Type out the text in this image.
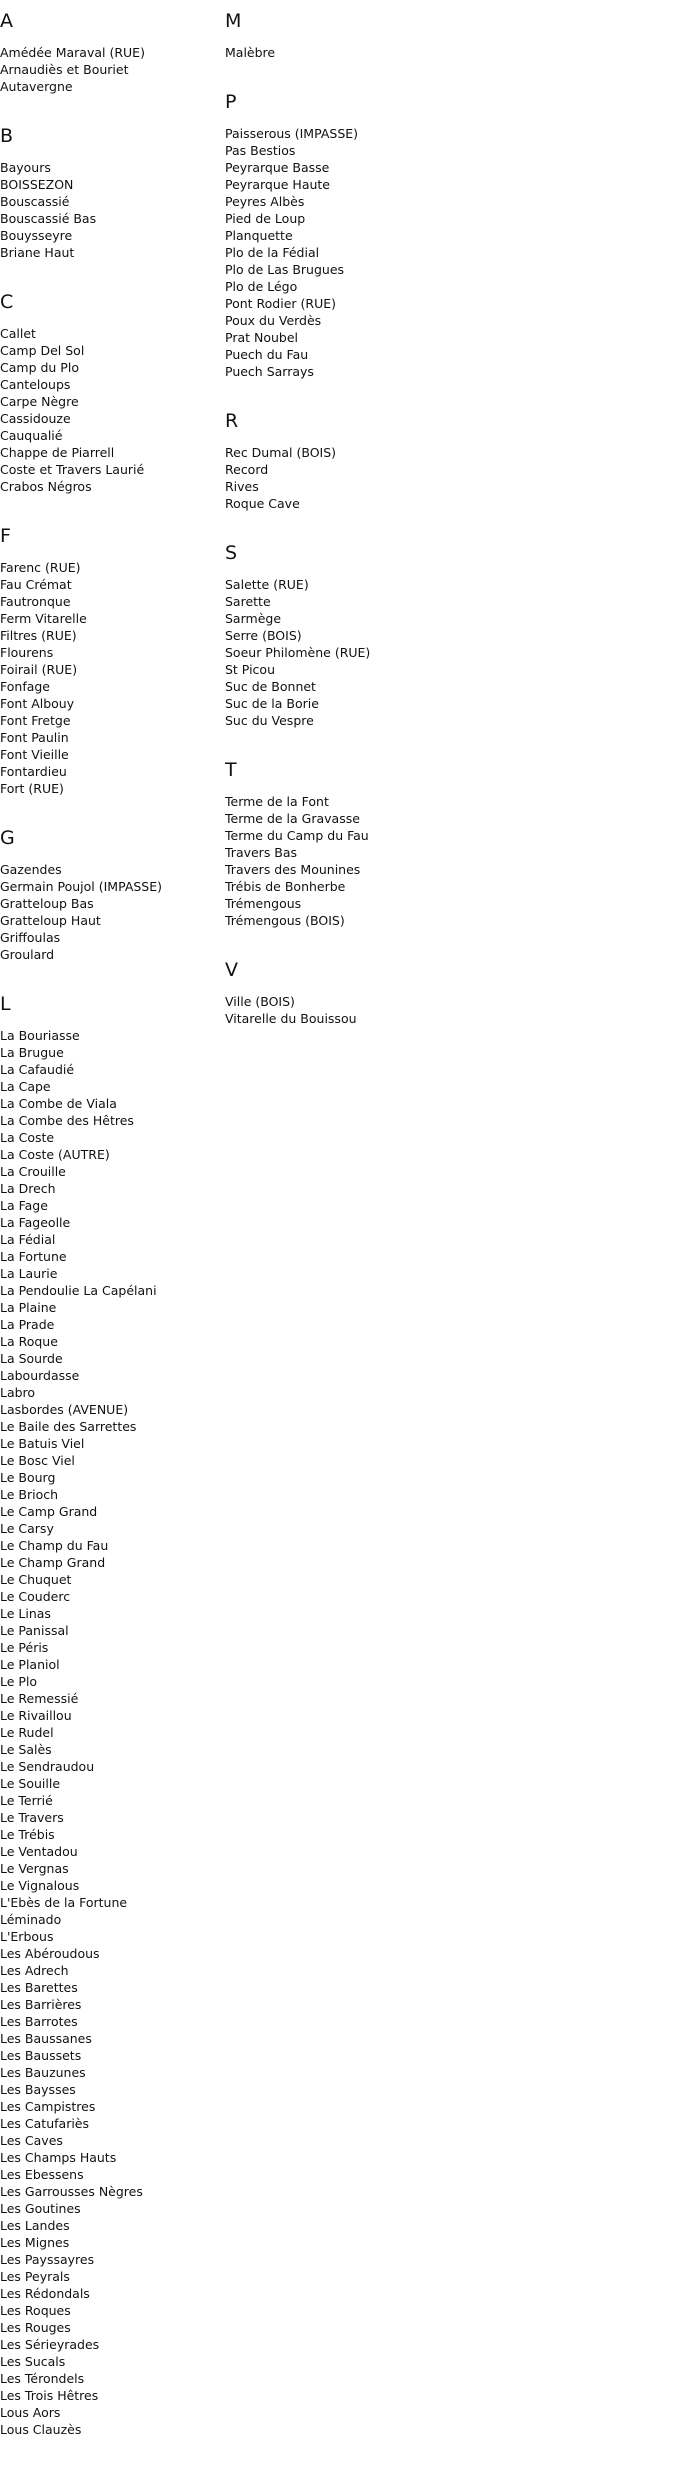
A
Amédée Maraval (RUE)
Arnaudiès et Bouriet
Autavergne
B
Bayours
BOISSEZON
Bouscassié
Bouscassié Bas
Bouysseyre
Briane Haut
C
Callet
Camp Del Sol
Camp du Plo
Canteloups
Carpe Nègre
Cassidouze
Cauqualié
Chappe de Piarrell
Coste et Travers Laurié
Crabos Négros
F
Farenc (RUE)
Fau Crémat
Fautronque
Ferm Vitarelle
Filtres (RUE)
Flourens
Foirail (RUE)
Fonfage
Font Albouy
Font Fretge
Font Paulin
Font Vieille
Fontardieu
Fort (RUE)
G
Gazendes
Germain Poujol (IMPASSE)
Gratteloup Bas
Gratteloup Haut
Griffoulas
Groulard
L
La Bouriasse
La Brugue
La Cafaudié
La Cape
La Combe de Viala
La Combe des Hêtres
La Coste
La Coste (AUTRE)
La Crouille
La Drech
La Fage
La Fageolle
La Fédial
La Fortune
La Laurie
La Pendoulie La Capélani
La Plaine
La Prade
La Roque
La Sourde
Labourdasse
Labro
Lasbordes (AVENUE)
Le Baile des Sarrettes
Le Batuis Viel
Le Bosc Viel
Le Bourg
Le Brioch
Le Camp Grand
Le Carsy
Le Champ du Fau
Le Champ Grand
Le Chuquet
Le Couderc
Le Linas
Le Panissal
Le Péris
Le Planiol
Le Plo
Le Remessié
Le Rivaillou
Le Rudel
Le Salès
Le Sendraudou
Le Souille
Le Terrié
Le Travers
Le Trébis
Le Ventadou
Le Vergnas
Le Vignalous
L'Ebès de la Fortune
Léminado
L'Erbous
Les Abéroudous
Les Adrech
Les Barettes
Les Barrières
Les Barrotes
Les Baussanes
Les Baussets
Les Bauzunes
Les Baysses
Les Campistres
Les Catufariès
Les Caves
Les Champs Hauts
Les Ebessens
Les Garrousses Nègres
Les Goutines
Les Landes
Les Mignes
Les Payssayres
Les Peyrals
Les Rédondals
Les Roques
Les Rouges
Les Sérieyrades
Les Sucals
Les Térondels
Les Trois Hêtres
Lous Aors
Lous Clauzès
M
Malèbre
P
Paisserous (IMPASSE)
Pas Bestios
Peyrarque Basse
Peyrarque Haute
Peyres Albès
Pied de Loup
Planquette
Plo de la Fédial
Plo de Las Brugues
Plo de Légo
Pont Rodier (RUE)
Poux du Verdès
Prat Noubel
Puech du Fau
Puech Sarrays
R
Rec Dumal (BOIS)
Record
Rives
Roque Cave
S
Salette (RUE)
Sarette
Sarmège
Serre (BOIS)
Soeur Philomène (RUE)
St Picou
Suc de Bonnet
Suc de la Borie
Suc du Vespre
T
Terme de la Font
Terme de la Gravasse
Terme du Camp du Fau
Travers Bas
Travers des Mounines
Trébis de Bonherbe
Trémengous
Trémengous (BOIS)
V
Ville (BOIS)
Vitarelle du Bouissou
